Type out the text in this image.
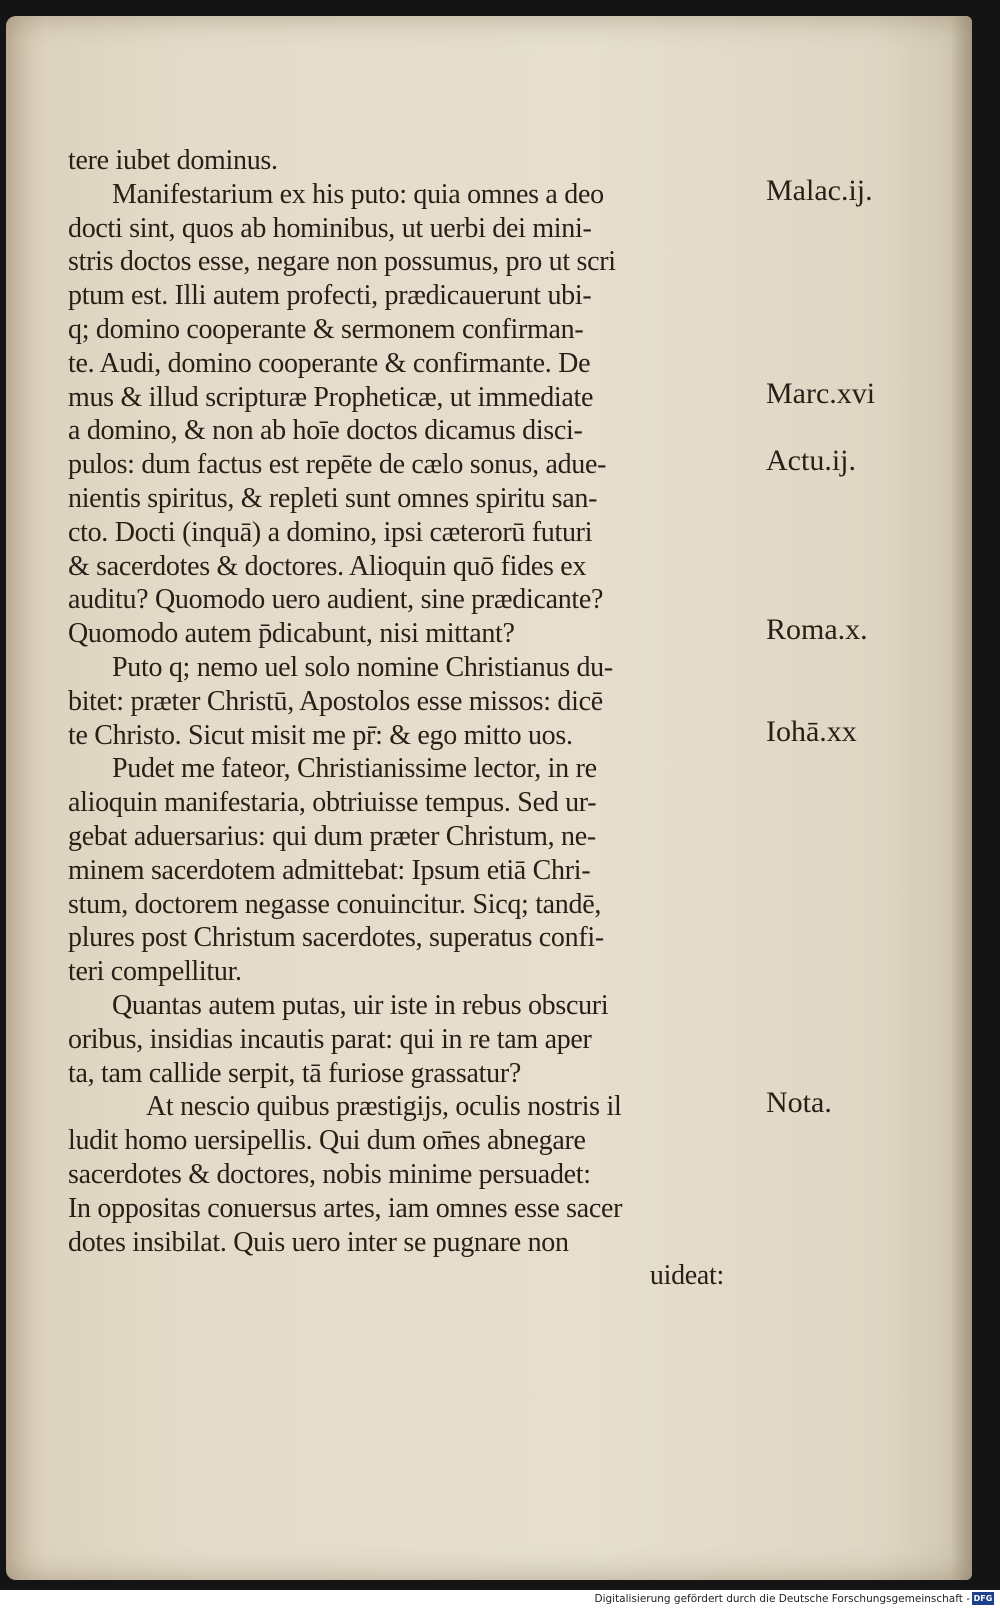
tere iubet dominus.
Manifestarium ex his puto: quia omnes a deo
docti sint, quos ab hominibus, ut uerbi dei mini-
stris doctos esse, negare non possumus, pro ut scri
ptum est. Illi autem profecti, prædicauerunt ubi-
q; domino cooperante & sermonem confirman-
te. Audi, domino cooperante & confirmante. De
mus & illud scripturæ Propheticæ, ut immediate
a domino, & non ab hoīe doctos dicamus disci-
pulos: dum factus est repēte de cælo sonus, adue-
nientis spiritus, & repleti sunt omnes spiritu san-
cto. Docti (inquā) a domino, ipsi cæterorū futuri
& sacerdotes & doctores. Alioquin quō fides ex
auditu? Quomodo uero audient, sine prædicante?
Quomodo autem p̄dicabunt, nisi mittant?
Puto q; nemo uel solo nomine Christianus du-
bitet: præter Christū, Apostolos esse missos: dicē
te Christo. Sicut misit me pr̄: & ego mitto uos.
Pudet me fateor, Christianissime lector, in re
alioquin manifestaria, obtriuisse tempus. Sed ur-
gebat aduersarius: qui dum præter Christum, ne-
minem sacerdotem admittebat: Ipsum etiā Chri-
stum, doctorem negasse conuincitur. Sicq; tandē,
plures post Christum sacerdotes, superatus confi-
teri compellitur.
Quantas autem putas, uir iste in rebus obscuri
oribus, insidias incautis parat: qui in re tam aper
ta, tam callide serpit, tā furiose grassatur?
At nescio quibus præstigijs, oculis nostris il
ludit homo uersipellis. Qui dum om̄es abnegare
sacerdotes & doctores, nobis minime persuadet:
In oppositas conuersus artes, iam omnes esse sacer
dotes insibilat. Quis uero inter se pugnare non
uideat:
Malac.ij.
Marc.xvi
Actu.ij.
Roma.x.
Iohā.xx
Nota.
Digitalisierung gefördert durch die Deutsche Forschungsgemeinschaft - DFG
